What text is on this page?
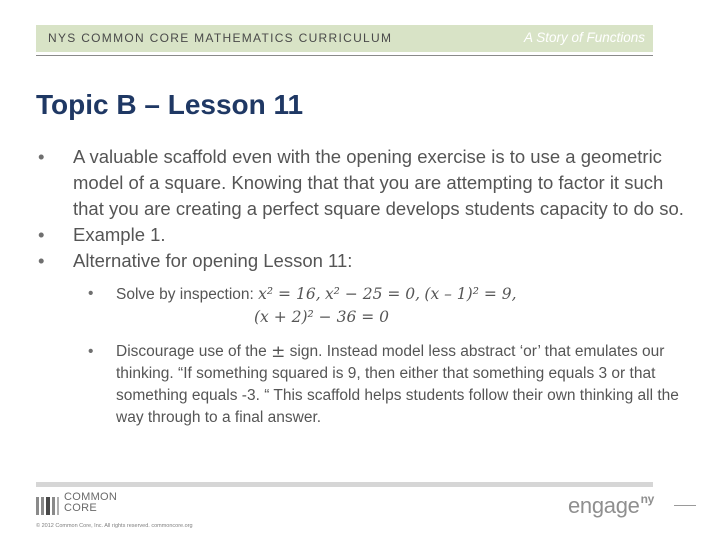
NYS COMMON CORE MATHEMATICS CURRICULUM	A Story of Functions
Topic B – Lesson 11
• A valuable scaffold even with the opening exercise is to use a geometric model of a square. Knowing that that you are attempting to factor it such that you are creating a perfect square develops students capacity to do so.
• Example 1.
• Alternative for opening Lesson 11:
• Solve by inspection: x² = 16, x² − 25 = 0, (x – 1)² = 9,
(x + 2)² − 36 = 0
• Discourage use of the ± sign. Instead model less abstract ‘or’ that emulates our thinking. “If something squared is 9, then either that something equals 3 or that something equals -3. “ This scaffold helps students follow their own thinking all the way through to a final answer.
COMMON
CORE
© 2012 Common Core, Inc. All rights reserved. commoncore.org
engage$^{ny}$
